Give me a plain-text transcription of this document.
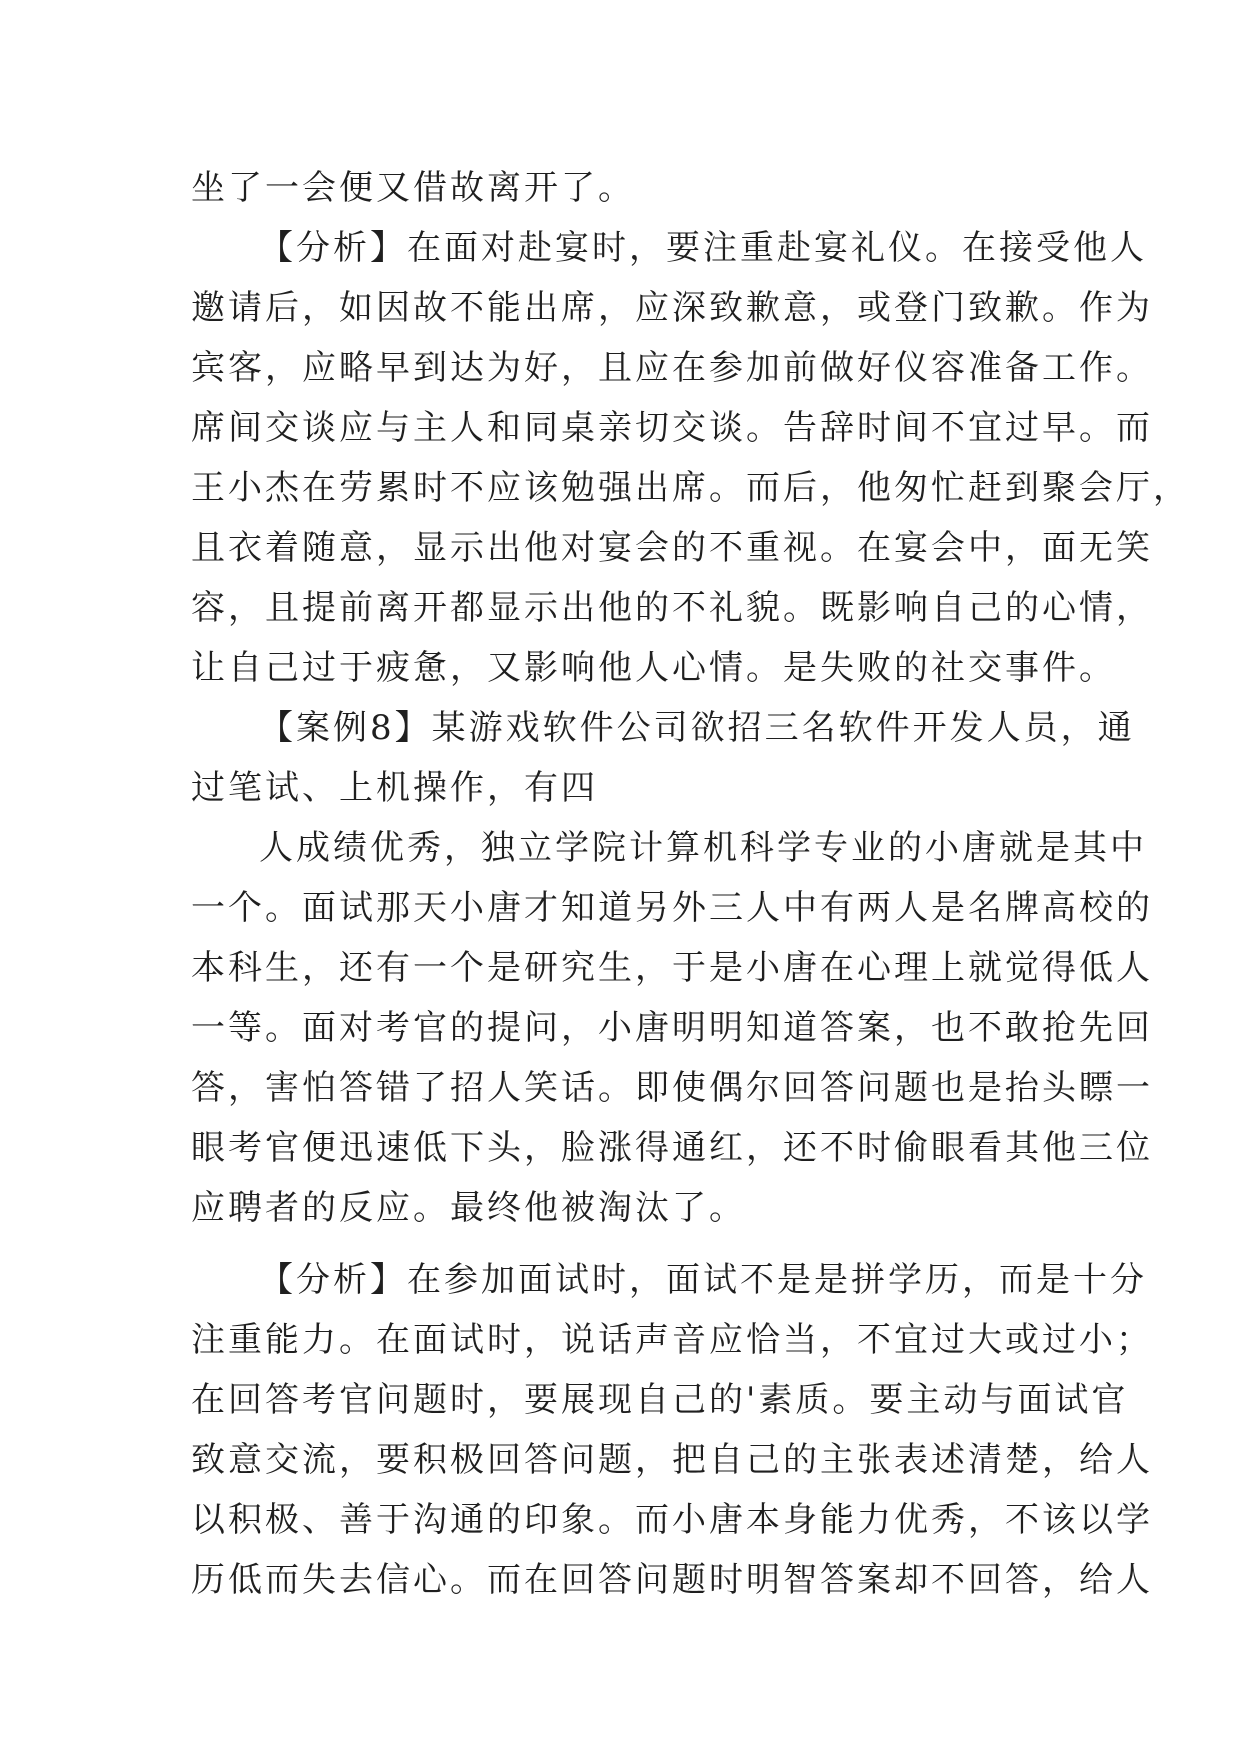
坐了一会便又借故离开了。
【分析】在面对赴宴时，要注重赴宴礼仪。在接受他人
邀请后，如因故不能出席，应深致歉意，或登门致歉。作为
宾客，应略早到达为好，且应在参加前做好仪容准备工作。
席间交谈应与主人和同桌亲切交谈。告辞时间不宜过早。而
王小杰在劳累时不应该勉强出席。而后，他匆忙赶到聚会厅，
且衣着随意，显示出他对宴会的不重视。在宴会中，面无笑
容，且提前离开都显示出他的不礼貌。既影响自己的心情，
让自己过于疲惫，又影响他人心情。是失败的社交事件。
【案例8】某游戏软件公司欲招三名软件开发人员，通
过笔试、上机操作，有四
人成绩优秀，独立学院计算机科学专业的小唐就是其中
一个。面试那天小唐才知道另外三人中有两人是名牌高校的
本科生，还有一个是研究生，于是小唐在心理上就觉得低人
一等。面对考官的提问，小唐明明知道答案，也不敢抢先回
答，害怕答错了招人笑话。即使偶尔回答问题也是抬头瞟一
眼考官便迅速低下头，脸涨得通红，还不时偷眼看其他三位
应聘者的反应。最终他被淘汰了。
【分析】在参加面试时，面试不是是拼学历，而是十分
注重能力。在面试时，说话声音应恰当，不宜过大或过小；
在回答考官问题时，要展现自己的'素质。要主动与面试官
致意交流，要积极回答问题，把自己的主张表述清楚，给人
以积极、善于沟通的印象。而小唐本身能力优秀，不该以学
历低而失去信心。而在回答问题时明智答案却不回答，给人
